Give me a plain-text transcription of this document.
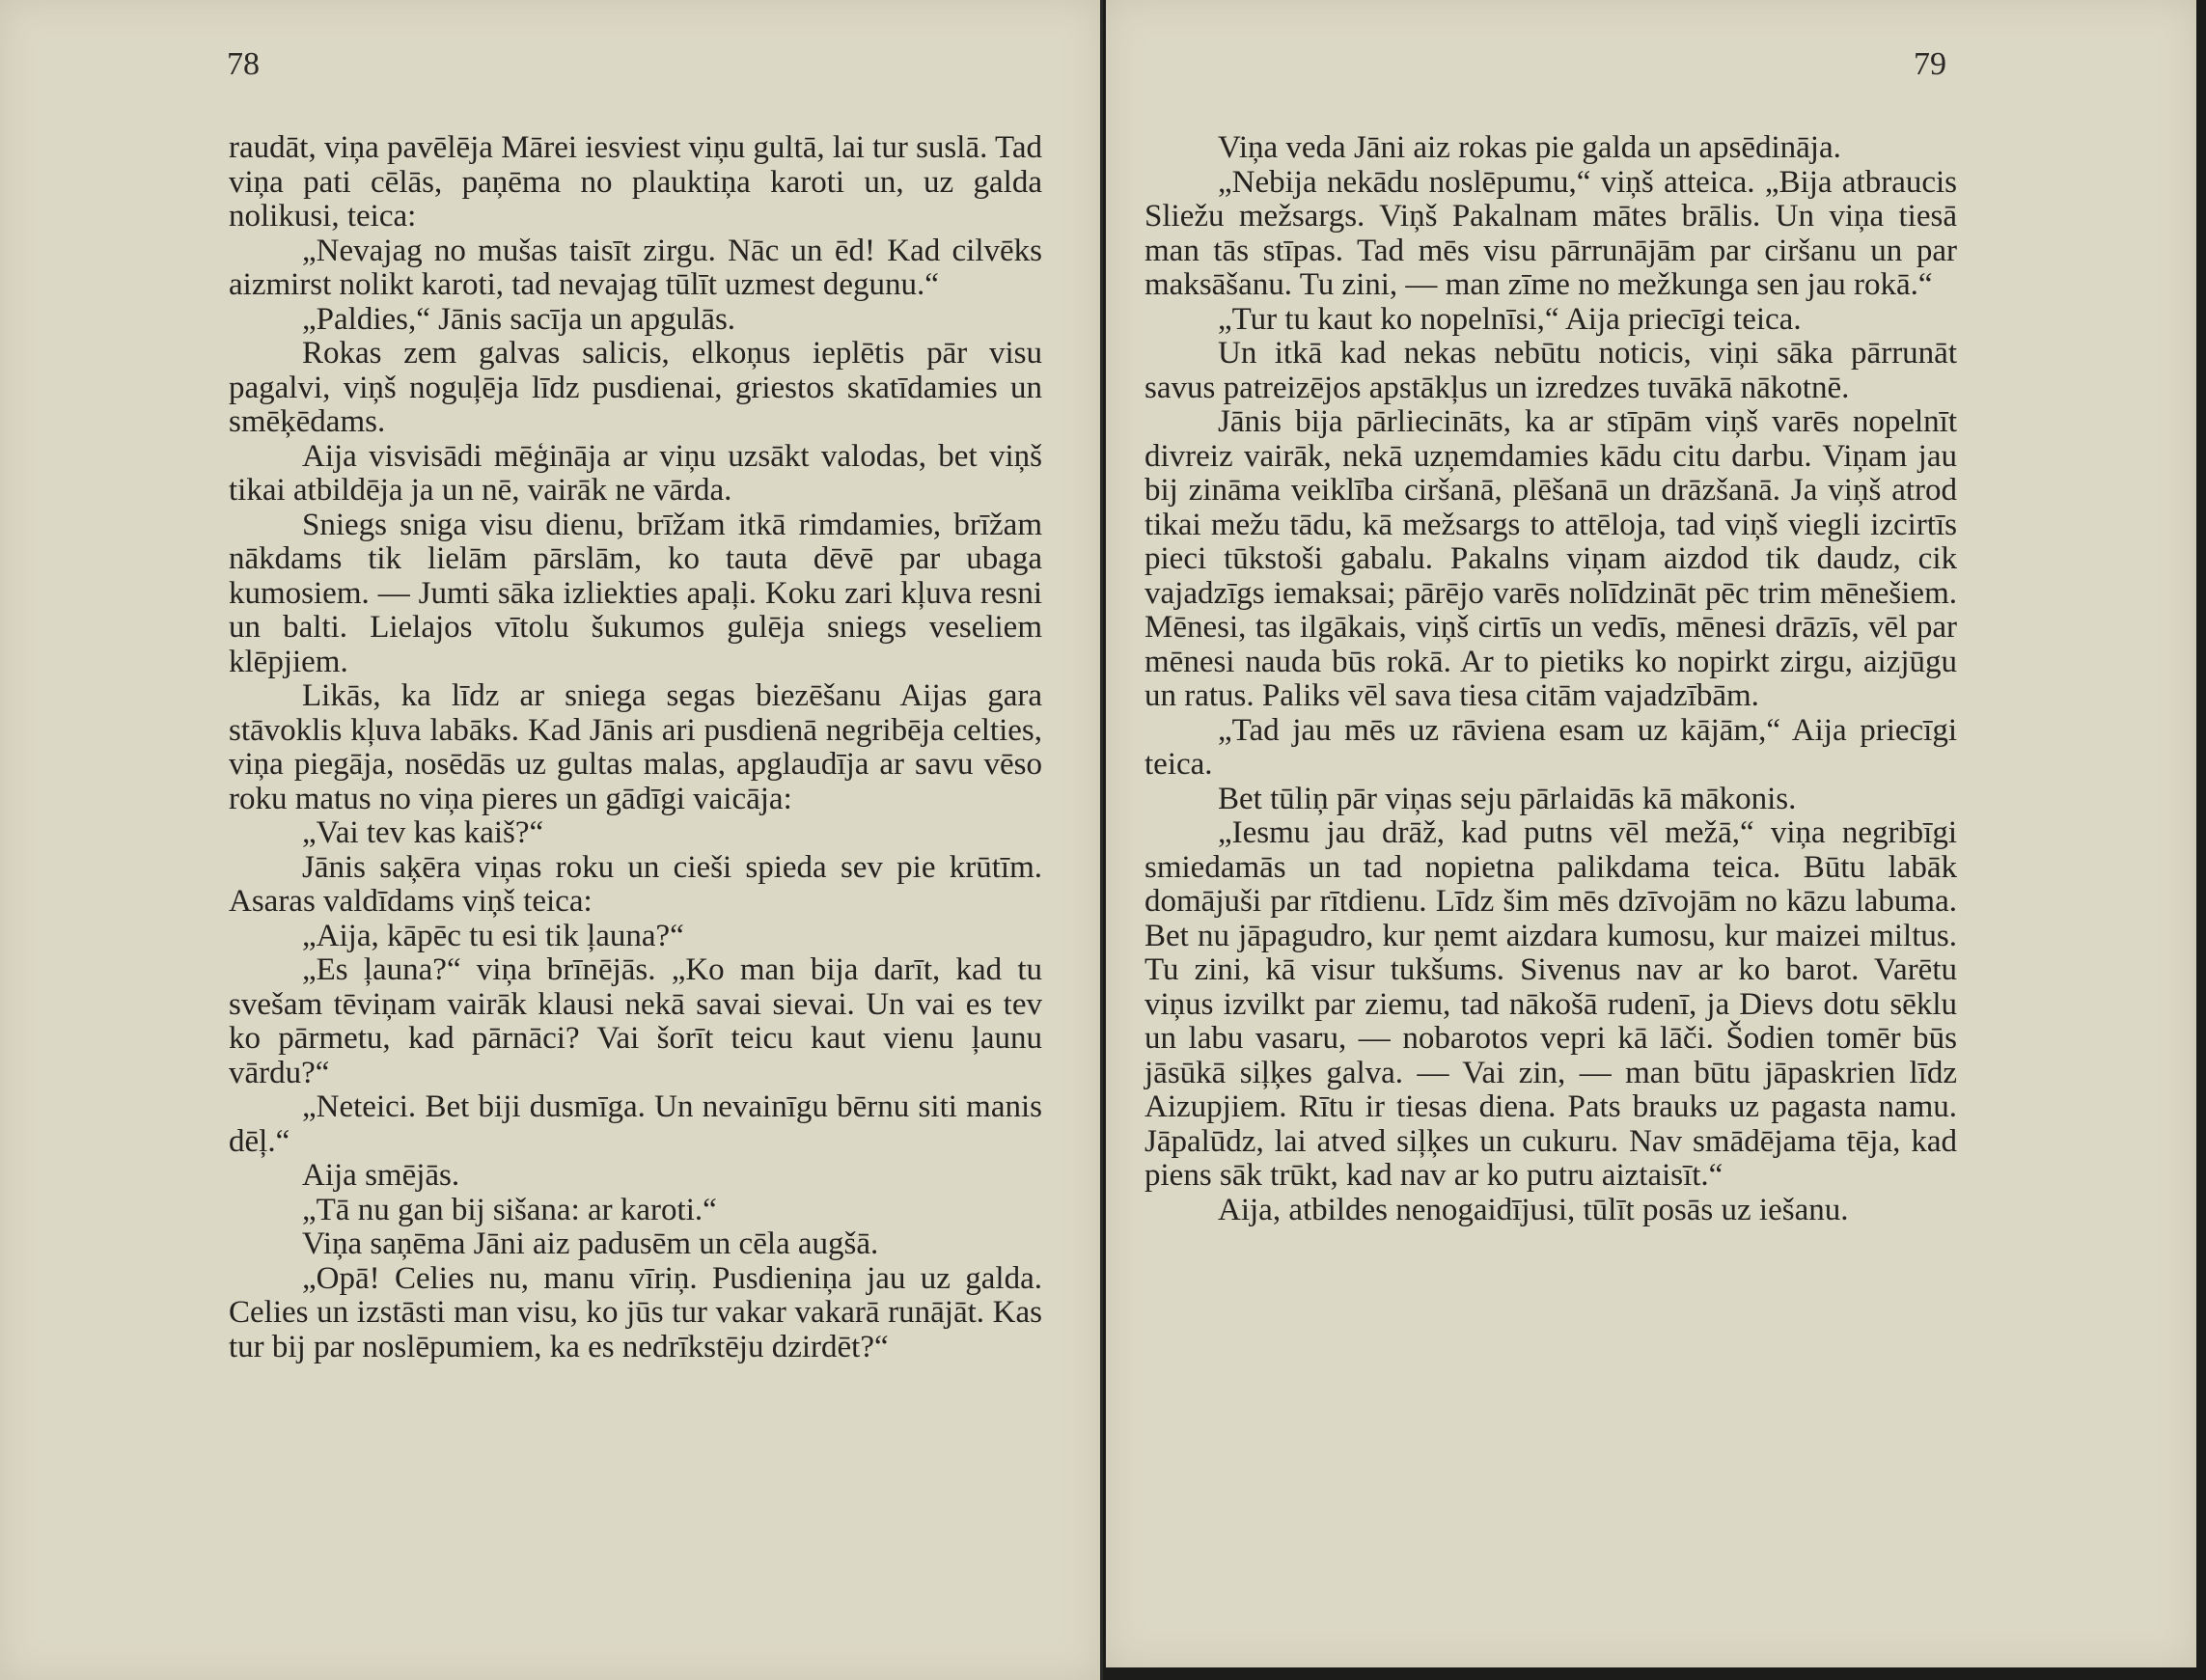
78

raudāt, viņa pavēlēja Mārei iesviest viņu gultā, lai tur suslā. Tad viņa pati cēlās, paņēma no plauktiņa karoti un, uz galda nolikusi, teica:

„Nevajag no mušas taisīt zirgu. Nāc un ēd! Kad cilvēks aizmirst nolikt karoti, tad nevajag tūlīt uzmest degunu.“

„Paldies,“ Jānis sacīja un apgulās.

Rokas zem galvas salicis, elkoņus ieplētis pār visu pagalvi, viņš noguļēja līdz pusdienai, griestos skatīdamies un smēķēdams.

Aija visvisādi mēģināja ar viņu uzsākt valodas, bet viņš tikai atbildēja ja un nē, vairāk ne vārda.

Sniegs sniga visu dienu, brīžam itkā rimdamies, brīžam nākdams tik lielām pārslām, ko tauta dēvē par ubaga kumosiem. — Jumti sāka izliekties apaļi. Koku zari kļuva resni un balti. Lielajos vītolu šukumos gulēja sniegs veseliem klēpjiem.

Likās, ka līdz ar sniega segas biezēšanu Aijas gara stāvoklis kļuva labāks. Kad Jānis ari pusdienā negribēja celties, viņa piegāja, nosēdās uz gultas malas, apglaudīja ar savu vēso roku matus no viņa pieres un gādīgi vaicāja:

„Vai tev kas kaiš?“

Jānis saķēra viņas roku un cieši spieda sev pie krūtīm. Asaras valdīdams viņš teica:

„Aija, kāpēc tu esi tik ļauna?“

„Es ļauna?“ viņa brīnējās. „Ko man bija darīt, kad tu svešam tēviņam vairāk klausi nekā savai sievai. Un vai es tev ko pārmetu, kad pārnāci? Vai šorīt teicu kaut vienu ļaunu vārdu?“

„Neteici. Bet biji dusmīga. Un nevainīgu bērnu siti manis dēļ.“

Aija smējās.

„Tā nu gan bij sišana: ar karoti.“

Viņa saņēma Jāni aiz padusēm un cēla augšā.

„Opā! Celies nu, manu vīriņ. Pusdieniņa jau uz galda. Celies un izstāsti man visu, ko jūs tur vakar vakarā runājāt. Kas tur bij par noslēpumiem, ka es nedrīkstēju dzirdēt?“

79

Viņa veda Jāni aiz rokas pie galda un apsēdināja.

„Nebija nekādu noslēpumu,“ viņš atteica. „Bija atbraucis Sliežu mežsargs. Viņš Pakalnam mātes brālis. Un viņa tiesā man tās stīpas. Tad mēs visu pārrunājām par ciršanu un par maksāšanu. Tu zini, — man zīme no mežkunga sen jau rokā.“

„Tur tu kaut ko nopelnīsi,“ Aija priecīgi teica.

Un itkā kad nekas nebūtu noticis, viņi sāka pārrunāt savus patreizējos apstākļus un izredzes tuvākā nākotnē.

Jānis bija pārliecināts, ka ar stīpām viņš varēs nopelnīt divreiz vairāk, nekā uzņemdamies kādu citu darbu. Viņam jau bij zināma veiklība ciršanā, plēšanā un drāzšanā. Ja viņš atrod tikai mežu tādu, kā mežsargs to attēloja, tad viņš viegli izcirtīs pieci tūkstoši gabalu. Pakalns viņam aizdod tik daudz, cik vajadzīgs iemaksai; pārējo varēs nolīdzināt pēc trim mēnešiem. Mēnesi, tas ilgākais, viņš cirtīs un vedīs, mēnesi drāzīs, vēl par mēnesi nauda būs rokā. Ar to pietiks ko nopirkt zirgu, aizjūgu un ratus. Paliks vēl sava tiesa citām vajadzībām.

„Tad jau mēs uz rāviena esam uz kājām,“ Aija priecīgi teica.

Bet tūliņ pār viņas seju pārlaidās kā mākonis.

„Iesmu jau drāž, kad putns vēl mežā,“ viņa negribīgi smiedamās un tad nopietna palikdama teica. Būtu labāk domājuši par rītdienu. Līdz šim mēs dzīvojām no kāzu labuma. Bet nu jāpagudro, kur ņemt aizdara kumosu, kur maizei miltus. Tu zini, kā visur tukšums. Sivenus nav ar ko barot. Varētu viņus izvilkt par ziemu, tad nākošā rudenī, ja Dievs dotu sēklu un labu vasaru, — nobarotos vepri kā lāči. Šodien tomēr būs jāsūkā siļķes galva. — Vai zin, — man būtu jāpaskrien līdz Aizupjiem. Rītu ir tiesas diena. Pats brauks uz pagasta namu. Jāpalūdz, lai atved siļķes un cukuru. Nav smādējama tēja, kad piens sāk trūkt, kad nav ar ko putru aiztaisīt.“

Aija, atbildes nenogaidījusi, tūlīt posās uz iešanu.
